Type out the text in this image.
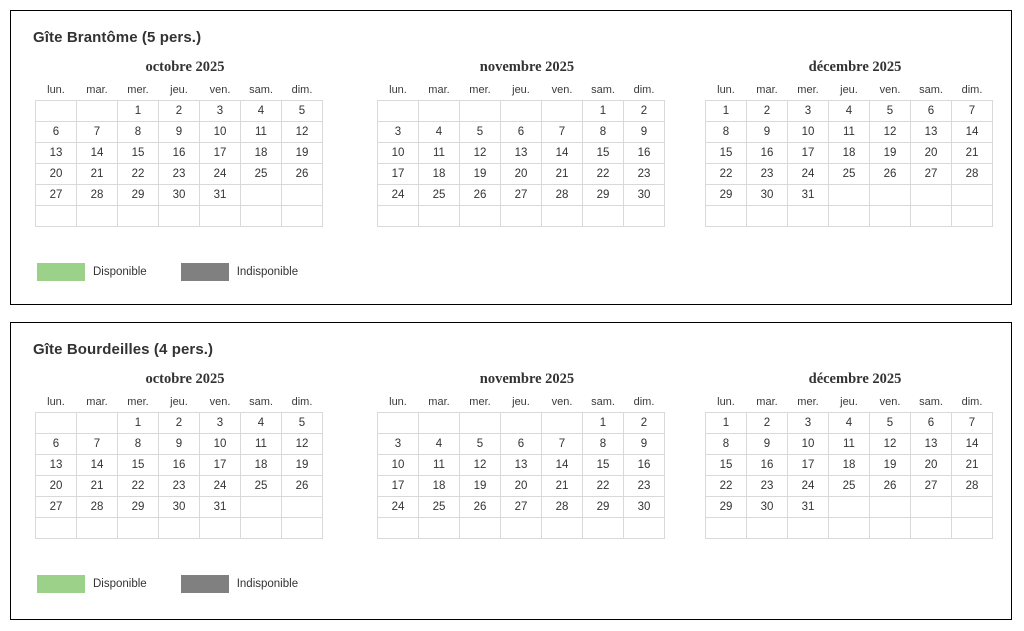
Gîte Brantôme (5 pers.)
octobre 2025
lun.	mar.	mer.	jeu.	ven.	sam.	dim.
		1	2	3	4	5
6	7	8	9	10	11	12
13	14	15	16	17	18	19
20	21	22	23	24	25	26
27	28	29	30	31		

novembre 2025
lun.	mar.	mer.	jeu.	ven.	sam.	dim.
					1	2
3	4	5	6	7	8	9
10	11	12	13	14	15	16
17	18	19	20	21	22	23
24	25	26	27	28	29	30

décembre 2025
lun.	mar.	mer.	jeu.	ven.	sam.	dim.
1	2	3	4	5	6	7
8	9	10	11	12	13	14
15	16	17	18	19	20	21
22	23	24	25	26	27	28
29	30	31				

Disponible	Indisponible
Gîte Bourdeilles (4 pers.)
octobre 2025
lun.	mar.	mer.	jeu.	ven.	sam.	dim.
		1	2	3	4	5
6	7	8	9	10	11	12
13	14	15	16	17	18	19
20	21	22	23	24	25	26
27	28	29	30	31		

novembre 2025
lun.	mar.	mer.	jeu.	ven.	sam.	dim.
					1	2
3	4	5	6	7	8	9
10	11	12	13	14	15	16
17	18	19	20	21	22	23
24	25	26	27	28	29	30

décembre 2025
lun.	mar.	mer.	jeu.	ven.	sam.	dim.
1	2	3	4	5	6	7
8	9	10	11	12	13	14
15	16	17	18	19	20	21
22	23	24	25	26	27	28
29	30	31				

Disponible	Indisponible
